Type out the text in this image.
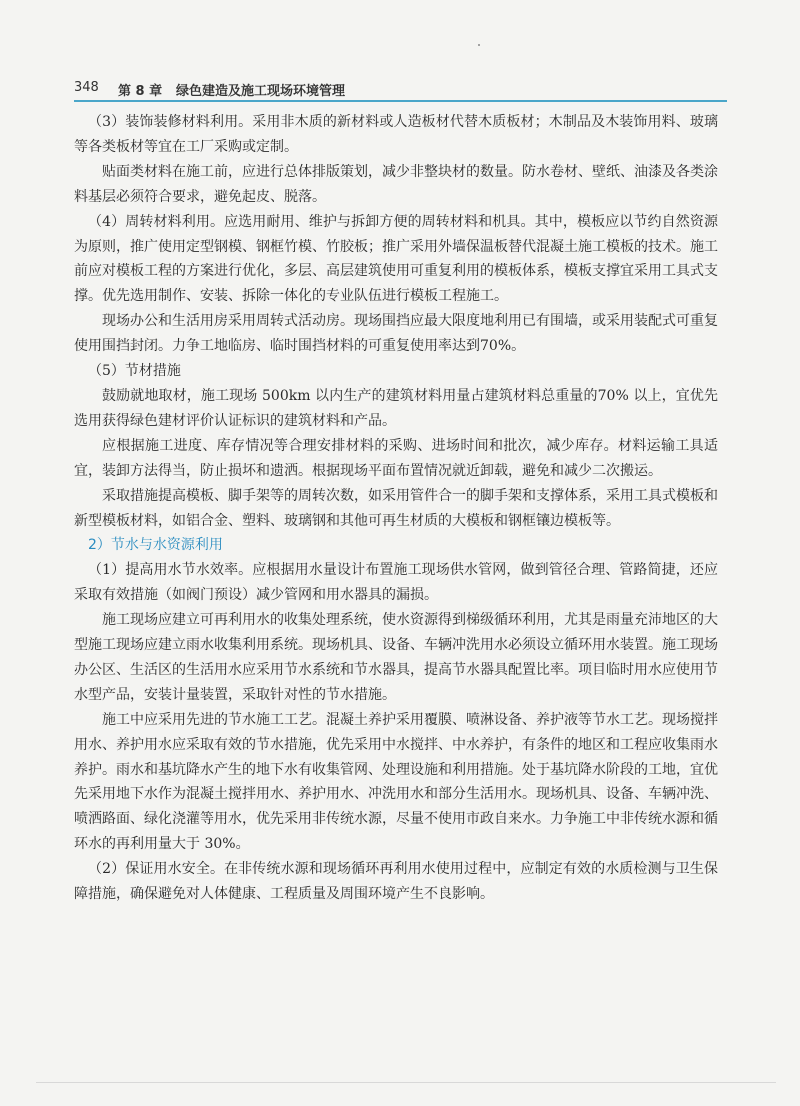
348 第 8 章 绿色建造及施工现场环境管理

（3）装饰装修材料利用。采用非木质的新材料或人造板材代替木质板材；木制品及木装饰用料、玻璃等各类板材等宜在工厂采购或定制。

贴面类材料在施工前，应进行总体排版策划，减少非整块材的数量。防水卷材、壁纸、油漆及各类涂料基层必须符合要求，避免起皮、脱落。

（4）周转材料利用。应选用耐用、维护与拆卸方便的周转材料和机具。其中，模板应以节约自然资源为原则，推广使用定型钢模、钢框竹模、竹胶板；推广采用外墙保温板替代混凝土施工模板的技术。施工前应对模板工程的方案进行优化，多层、高层建筑使用可重复利用的模板体系，模板支撑宜采用工具式支撑。优先选用制作、安装、拆除一体化的专业队伍进行模板工程施工。

现场办公和生活用房采用周转式活动房。现场围挡应最大限度地利用已有围墙，或采用装配式可重复使用围挡封闭。力争工地临房、临时围挡材料的可重复使用率达到70%。

（5）节材措施

鼓励就地取材，施工现场 500km 以内生产的建筑材料用量占建筑材料总重量的70% 以上，宜优先选用获得绿色建材评价认证标识的建筑材料和产品。

应根据施工进度、库存情况等合理安排材料的采购、进场时间和批次，减少库存。材料运输工具适宜，装卸方法得当，防止损坏和遗洒。根据现场平面布置情况就近卸载，避免和减少二次搬运。

采取措施提高模板、脚手架等的周转次数，如采用管件合一的脚手架和支撑体系，采用工具式模板和新型模板材料，如铝合金、塑料、玻璃钢和其他可再生材质的大模板和钢框镶边模板等。

2）节水与水资源利用

（1）提高用水节水效率。应根据用水量设计布置施工现场供水管网，做到管径合理、管路简捷，还应采取有效措施（如阀门预设）减少管网和用水器具的漏损。

施工现场应建立可再利用水的收集处理系统，使水资源得到梯级循环利用，尤其是雨量充沛地区的大型施工现场应建立雨水收集利用系统。现场机具、设备、车辆冲洗用水必须设立循环用水装置。施工现场办公区、生活区的生活用水应采用节水系统和节水器具，提高节水器具配置比率。项目临时用水应使用节水型产品，安装计量装置，采取针对性的节水措施。

施工中应采用先进的节水施工工艺。混凝土养护采用覆膜、喷淋设备、养护液等节水工艺。现场搅拌用水、养护用水应采取有效的节水措施，优先采用中水搅拌、中水养护，有条件的地区和工程应收集雨水养护。雨水和基坑降水产生的地下水有收集管网、处理设施和利用措施。处于基坑降水阶段的工地，宜优先采用地下水作为混凝土搅拌用水、养护用水、冲洗用水和部分生活用水。现场机具、设备、车辆冲洗、喷洒路面、绿化浇灌等用水，优先采用非传统水源，尽量不使用市政自来水。力争施工中非传统水源和循环水的再利用量大于 30%。

（2）保证用水安全。在非传统水源和现场循环再利用水使用过程中，应制定有效的水质检测与卫生保障措施，确保避免对人体健康、工程质量及周围环境产生不良影响。
